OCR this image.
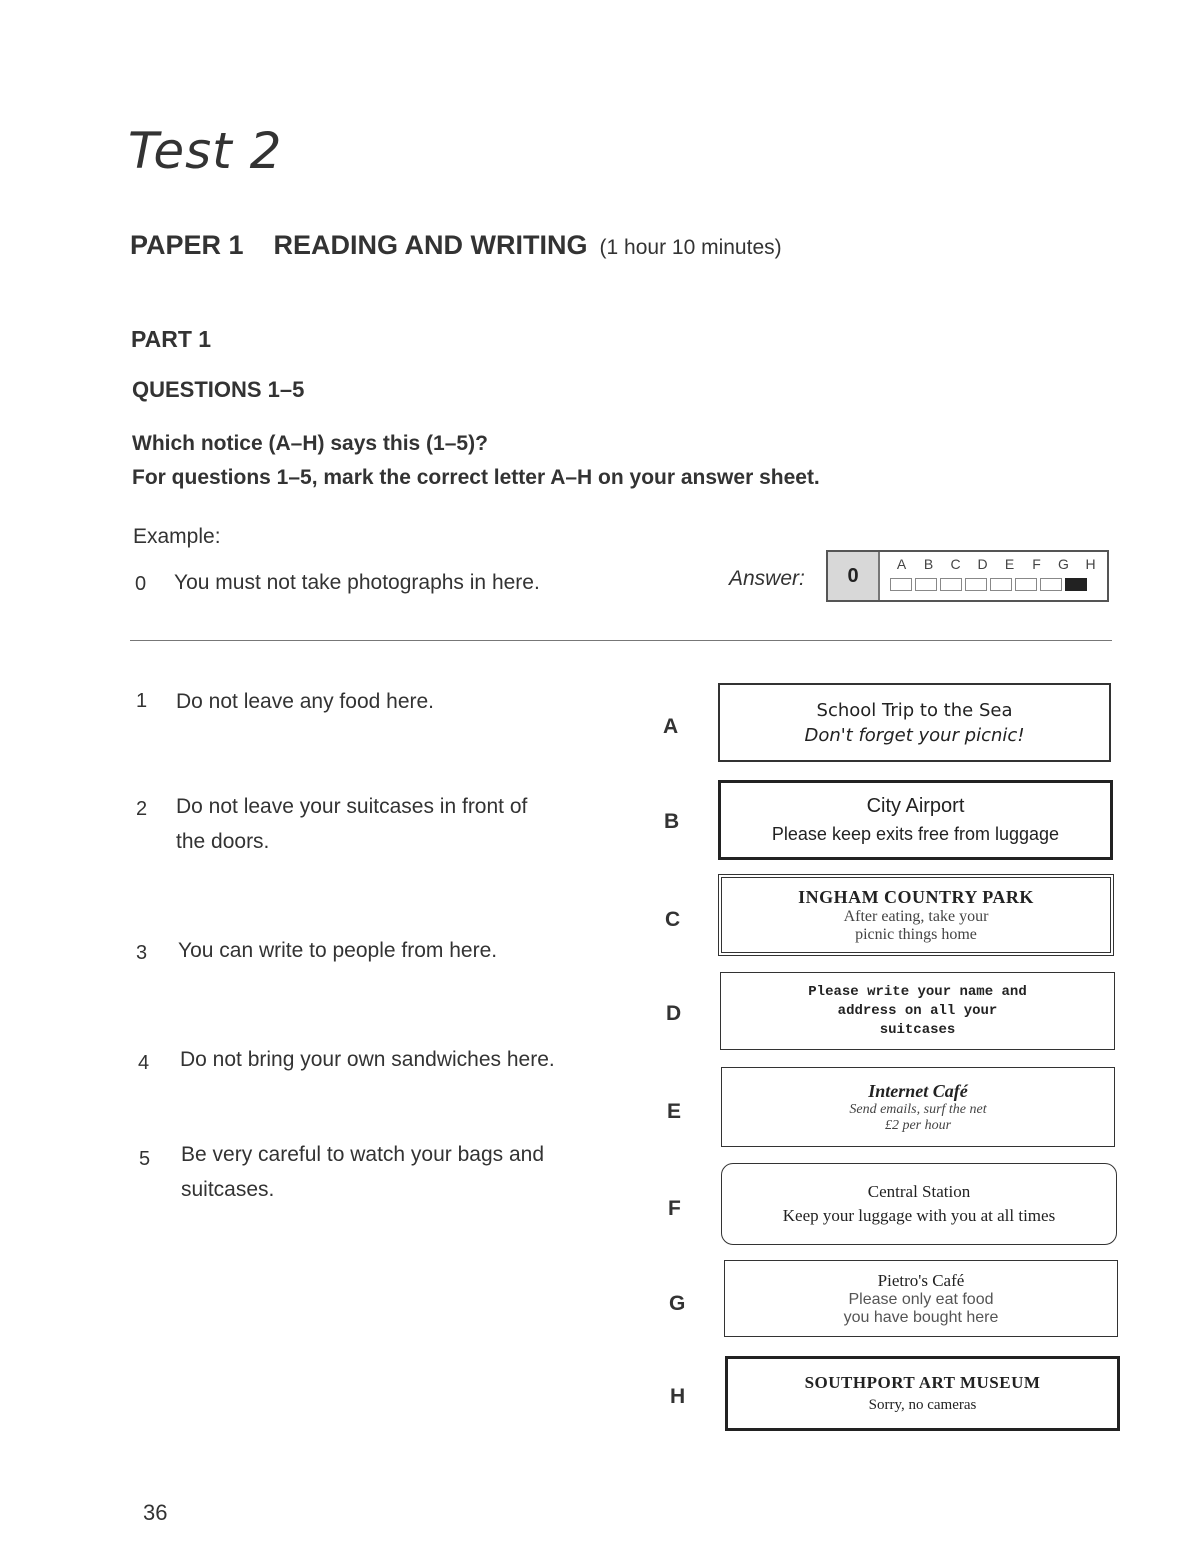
Test 2
PAPER 1 READING AND WRITING (1 hour 10 minutes)
PART 1
QUESTIONS 1–5
Which notice (A–H) says this (1–5)?
For questions 1–5, mark the correct letter A–H on your answer sheet.
Example:
0 You must not take photographs in here.	Answer:	0
A B C D E F G H
1 Do not leave any food here.
2 Do not leave your suitcases in front of
the doors.
3 You can write to people from here.
4 Do not bring your own sandwiches here.
5 Be very careful to watch your bags and
suitcases.
A
B
C
D
E
F
G
H
School Trip to the Sea
Don't forget your picnic!
City Airport
Please keep exits free from luggage
INGHAM COUNTRY PARK
After eating, take your
picnic things home
Please write your name and
address on all your
suitcases
Internet Café
Send emails, surf the net
£2 per hour
Central Station
Keep your luggage with you at all times
Pietro's Café
Please only eat food
you have bought here
SOUTHPORT ART MUSEUM
Sorry, no cameras
36
